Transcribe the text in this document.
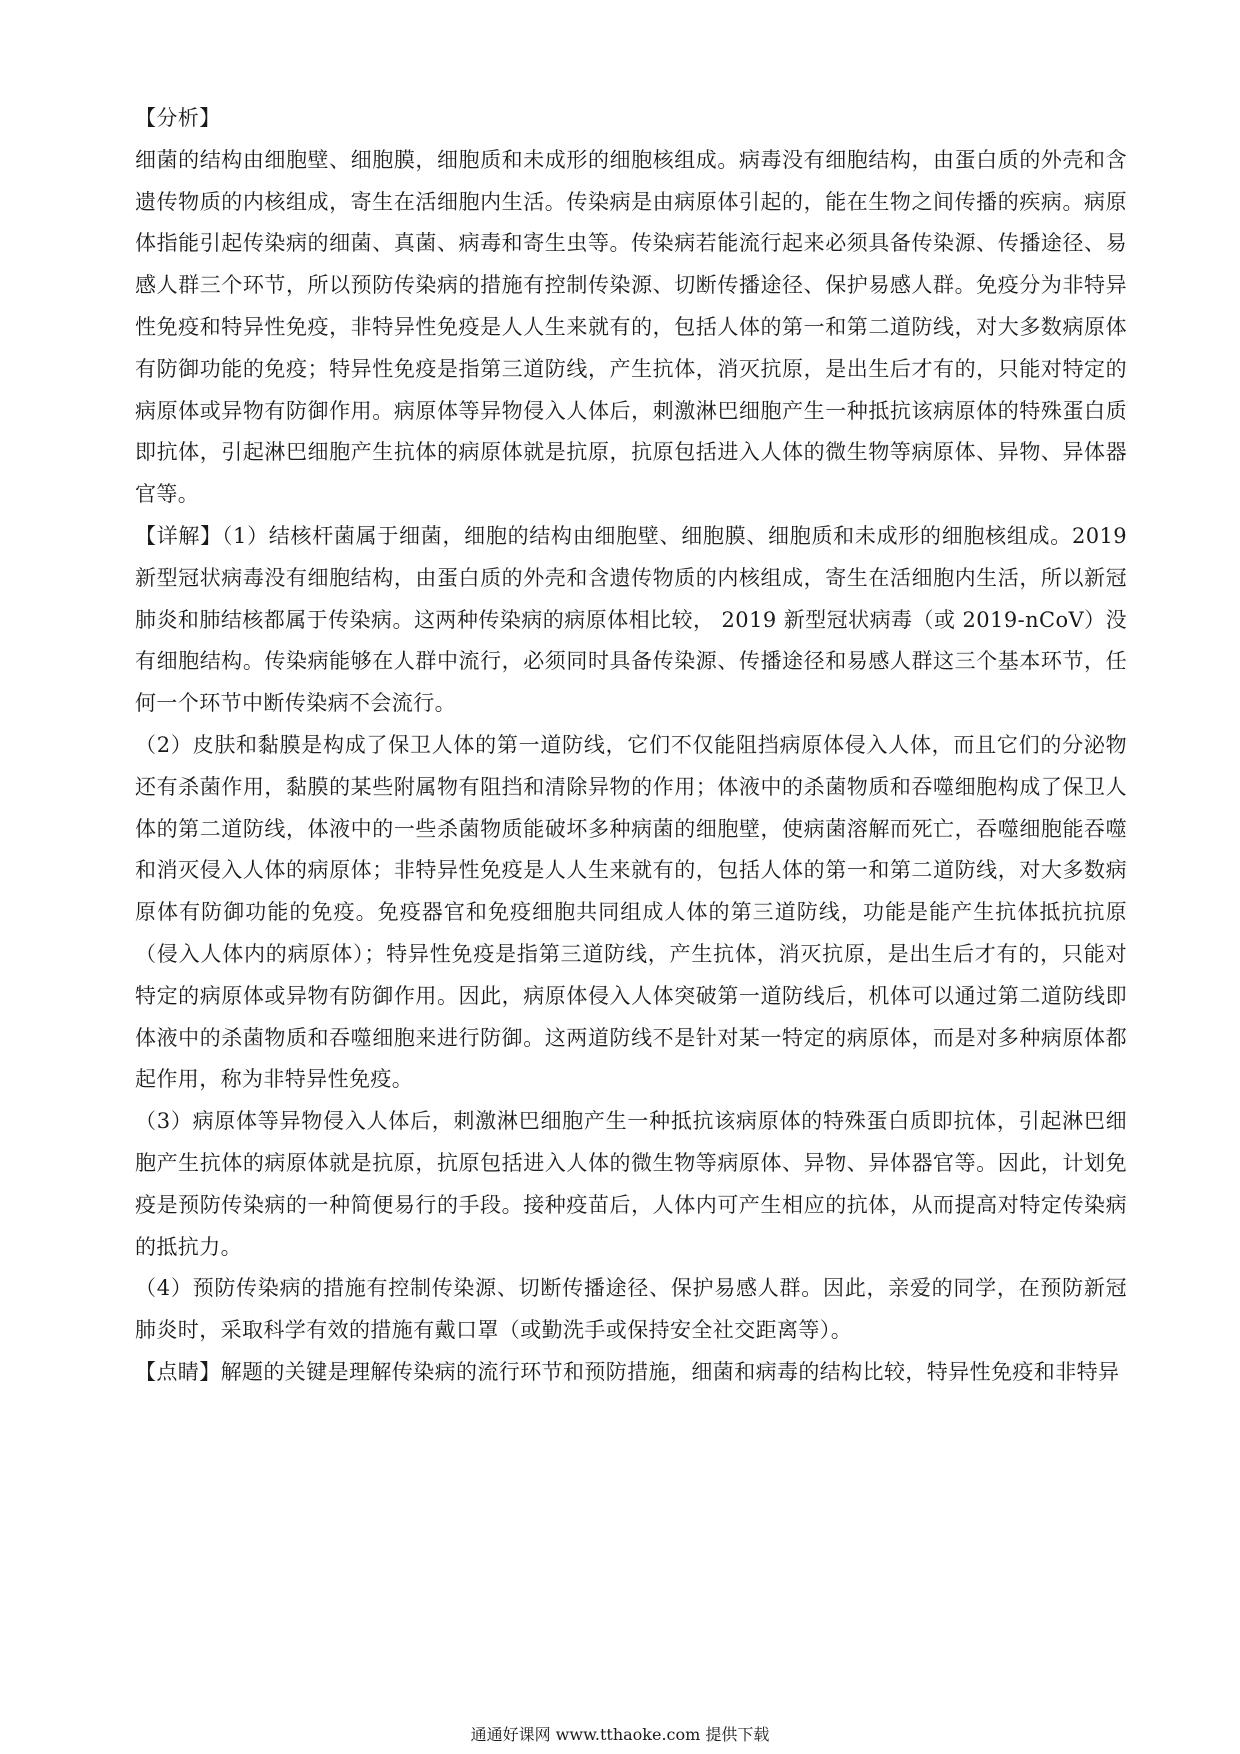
【分析】

细菌的结构由细胞壁、细胞膜，细胞质和未成形的细胞核组成。病毒没有细胞结构，由蛋白质的外壳和含遗传物质的内核组成，寄生在活细胞内生活。传染病是由病原体引起的，能在生物之间传播的疾病。病原体指能引起传染病的细菌、真菌、病毒和寄生虫等。传染病若能流行起来必须具备传染源、传播途径、易感人群三个环节，所以预防传染病的措施有控制传染源、切断传播途径、保护易感人群。免疫分为非特异性免疫和特异性免疫，非特异性免疫是人人生来就有的，包括人体的第一和第二道防线，对大多数病原体有防御功能的免疫；特异性免疫是指第三道防线，产生抗体，消灭抗原，是出生后才有的，只能对特定的病原体或异物有防御作用。病原体等异物侵入人体后，刺激淋巴细胞产生一种抵抗该病原体的特殊蛋白质即抗体，引起淋巴细胞产生抗体的病原体就是抗原，抗原包括进入人体的微生物等病原体、异物、异体器官等。

【详解】（1）结核杆菌属于细菌，细胞的结构由细胞壁、细胞膜、细胞质和未成形的细胞核组成。2019 新型冠状病毒没有细胞结构，由蛋白质的外壳和含遗传物质的内核组成，寄生在活细胞内生活，所以新冠肺炎和肺结核都属于传染病。这两种传染病的病原体相比较， 2019 新型冠状病毒（或 2019-nCoV）没有细胞结构。传染病能够在人群中流行，必须同时具备传染源、传播途径和易感人群这三个基本环节，任何一个环节中断传染病不会流行。

（2）皮肤和黏膜是构成了保卫人体的第一道防线，它们不仅能阻挡病原体侵入人体，而且它们的分泌物还有杀菌作用，黏膜的某些附属物有阻挡和清除异物的作用；体液中的杀菌物质和吞噬细胞构成了保卫人体的第二道防线，体液中的一些杀菌物质能破坏多种病菌的细胞壁，使病菌溶解而死亡，吞噬细胞能吞噬和消灭侵入人体的病原体；非特异性免疫是人人生来就有的，包括人体的第一和第二道防线，对大多数病原体有防御功能的免疫。免疫器官和免疫细胞共同组成人体的第三道防线，功能是能产生抗体抵抗抗原（侵入人体内的病原体）；特异性免疫是指第三道防线，产生抗体，消灭抗原，是出生后才有的，只能对特定的病原体或异物有防御作用。因此，病原体侵入人体突破第一道防线后，机体可以通过第二道防线即体液中的杀菌物质和吞噬细胞来进行防御。这两道防线不是针对某一特定的病原体，而是对多种病原体都起作用，称为非特异性免疫。

（3）病原体等异物侵入人体后，刺激淋巴细胞产生一种抵抗该病原体的特殊蛋白质即抗体，引起淋巴细胞产生抗体的病原体就是抗原，抗原包括进入人体的微生物等病原体、异物、异体器官等。因此，计划免疫是预防传染病的一种简便易行的手段。接种疫苗后，人体内可产生相应的抗体，从而提高对特定传染病的抵抗力。

（4）预防传染病的措施有控制传染源、切断传播途径、保护易感人群。因此，亲爱的同学，在预防新冠肺炎时，采取科学有效的措施有戴口罩（或勤洗手或保持安全社交距离等）。

【点睛】解题的关键是理解传染病的流行环节和预防措施，细菌和病毒的结构比较，特异性免疫和非特异

通通好课网 www.tthaoke.com 提供下载
